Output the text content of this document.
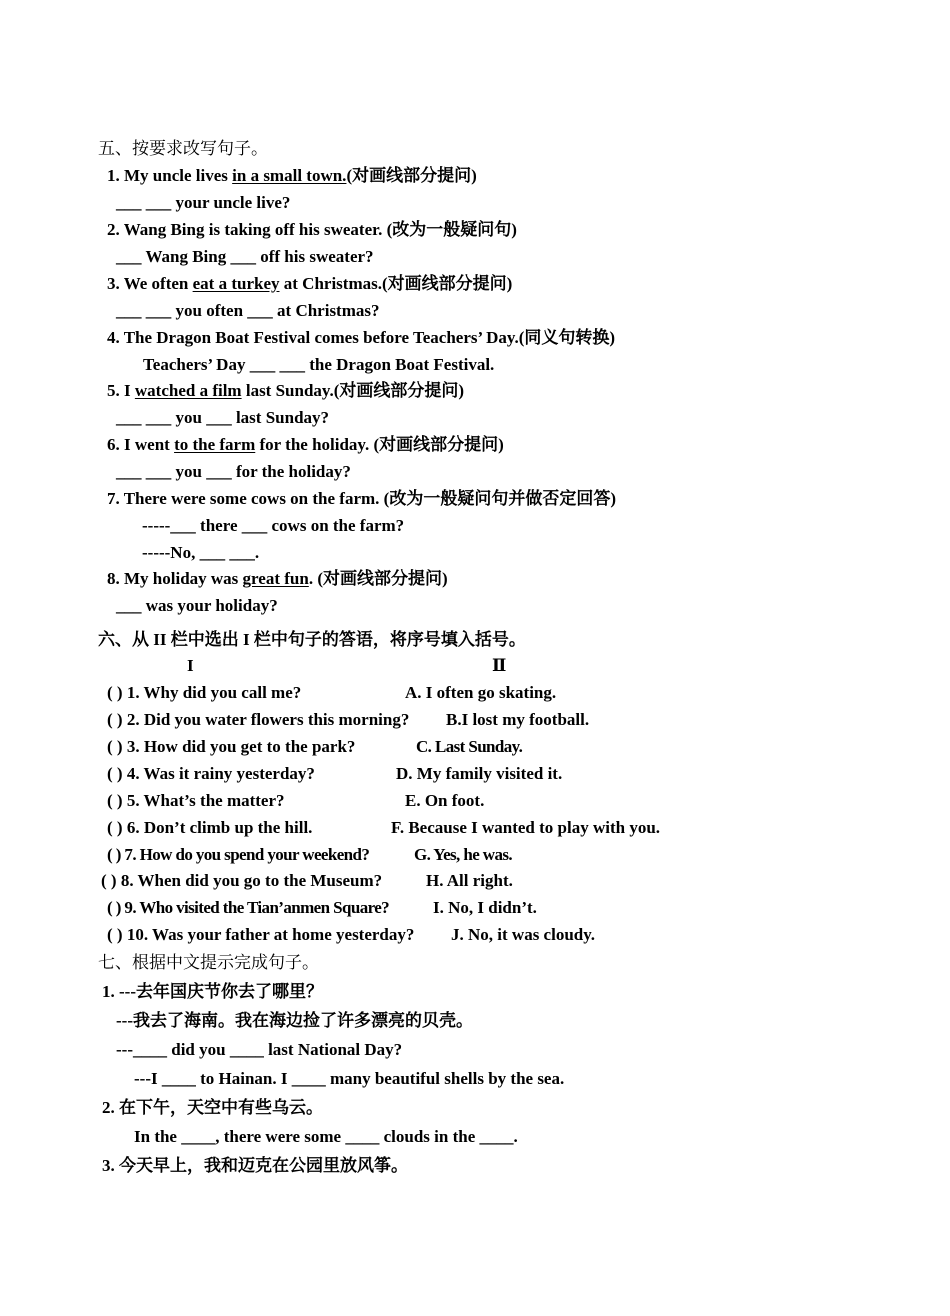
五、按要求改写句子。
1. My uncle lives in a small town.(对画线部分提问)
___ ___ your uncle live?
2. Wang Bing is taking off his sweater. (改为一般疑问句)
___ Wang Bing ___ off his sweater?
3. We often eat a turkey at Christmas.(对画线部分提问)
___ ___ you often ___ at Christmas?
4. The Dragon Boat Festival comes before Teachers’ Day.(同义句转换)
Teachers’ Day ___ ___ the Dragon Boat Festival.
5. I watched a film last Sunday.(对画线部分提问)
___ ___ you ___ last Sunday?
6. I went to the farm for the holiday. (对画线部分提问)
___ ___ you ___ for the holiday?
7. There were some cows on the farm. (改为一般疑问句并做否定回答)
-----___ there ___ cows on the farm?
-----No, ___ ___.
8. My holiday was great fun. (对画线部分提问)
___ was your holiday?
六、从 II 栏中选出 I 栏中句子的答语，将序号填入括号。
I	Ⅱ
( ) 1. Why did you call me?	A. I often go skating.
( ) 2. Did you water flowers this morning? B.I lost my football.
( ) 3. How did you get to the park?	C. Last Sunday.
( ) 4. Was it rainy yesterday?	D. My family visited it.
( ) 5. What’s the matter?	E. On foot.
( ) 6. Don’t climb up the hill.	F. Because I wanted to play with you.
( ) 7. How do you spend your weekend?	G. Yes, he was.
( ) 8. When did you go to the Museum?	H. All right.
( ) 9. Who visited the Tian’anmen Square?	I. No, I didn’t.
( ) 10. Was your father at home yesterday? J. No, it was cloudy.
七、根据中文提示完成句子。
1. ---去年国庆节你去了哪里？
---我去了海南。我在海边捡了许多漂亮的贝壳。
---____ did you ____ last National Day?
---I ____ to Hainan. I ____ many beautiful shells by the sea.
2. 在下午，天空中有些乌云。
In the ____, there were some ____ clouds in the ____.
3. 今天早上，我和迈克在公园里放风筝。
